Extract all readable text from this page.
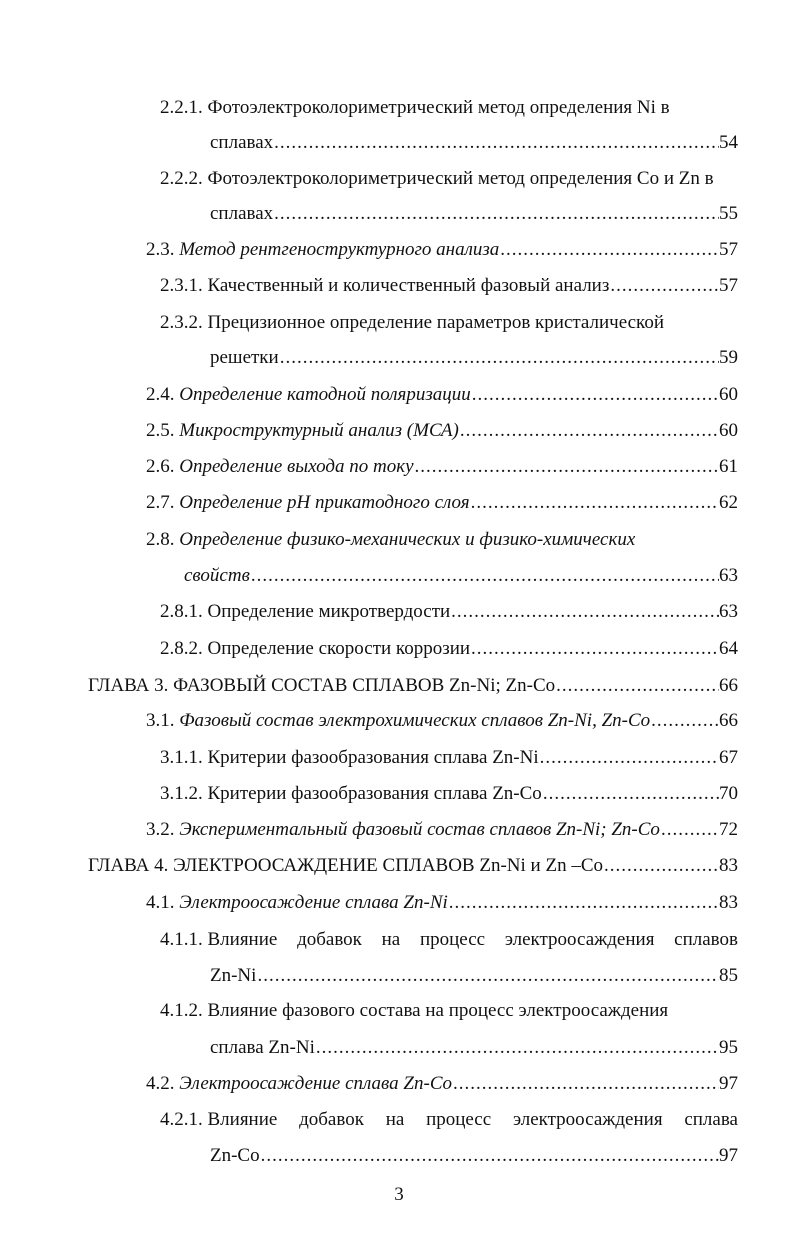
2.2.1. Фотоэлектроколориметрический метод определения Ni в
сплавах .....	54
2.2.2. Фотоэлектроколориметрический метод определения Co и Zn в
сплавах .....	55
2.3.
Метод рентгеноструктурного анализа .....	57
2.3.1.
Качественный и количественный фазовый анализ .....	57
2.3.2. Прецизионное определение параметров кристалической
решетки .....	59
2.4.
Определение катодной поляризации .....	60
2.5.
Микроструктурный анализ (МСА) .....	60
2.6.
Определение выхода по току .....	61
2.7.
Определение pH прикатодного слоя .....	62
2.8. Определение физико-механических и физико-химических
свойств .....	63
2.8.1.
Определение микротвердости .....	63
2.8.2.
Определение скорости коррозии .....	64
ГЛАВА 3. ФАЗОВЫЙ СОСТАВ СПЛАВОВ Zn-Ni; Zn-Co .....	66
3.1.
Фазовый состав электрохимических сплавов Zn-Ni, Zn-Co .....	66
3.1.1.
Критерии фазообразования сплава Zn-Ni .....	67
3.1.2.
Критерии фазообразования сплава Zn-Co .....	70
3.2.
Экспериментальный фазовый состав сплавов Zn-Ni; Zn-Co .....	72
ГЛАВА 4. ЭЛЕКТРООСАЖДЕНИЕ СПЛАВОВ Zn-Ni и Zn –Co .....	83
4.1.
Электроосаждение сплава Zn-Ni .....	83
4.1.1.
Влияние добавок на процесс электроосаждения сплавов
Zn-Ni .....	85
4.1.2. Влияние фазового состава на процесс электроосаждения
сплава Zn-Ni .....	95
4.2.
Электроосаждение сплава Zn-Co .....	97
4.2.1.
Влияние добавок на процесс электроосаждения сплава
Zn-Co .....	97
3
